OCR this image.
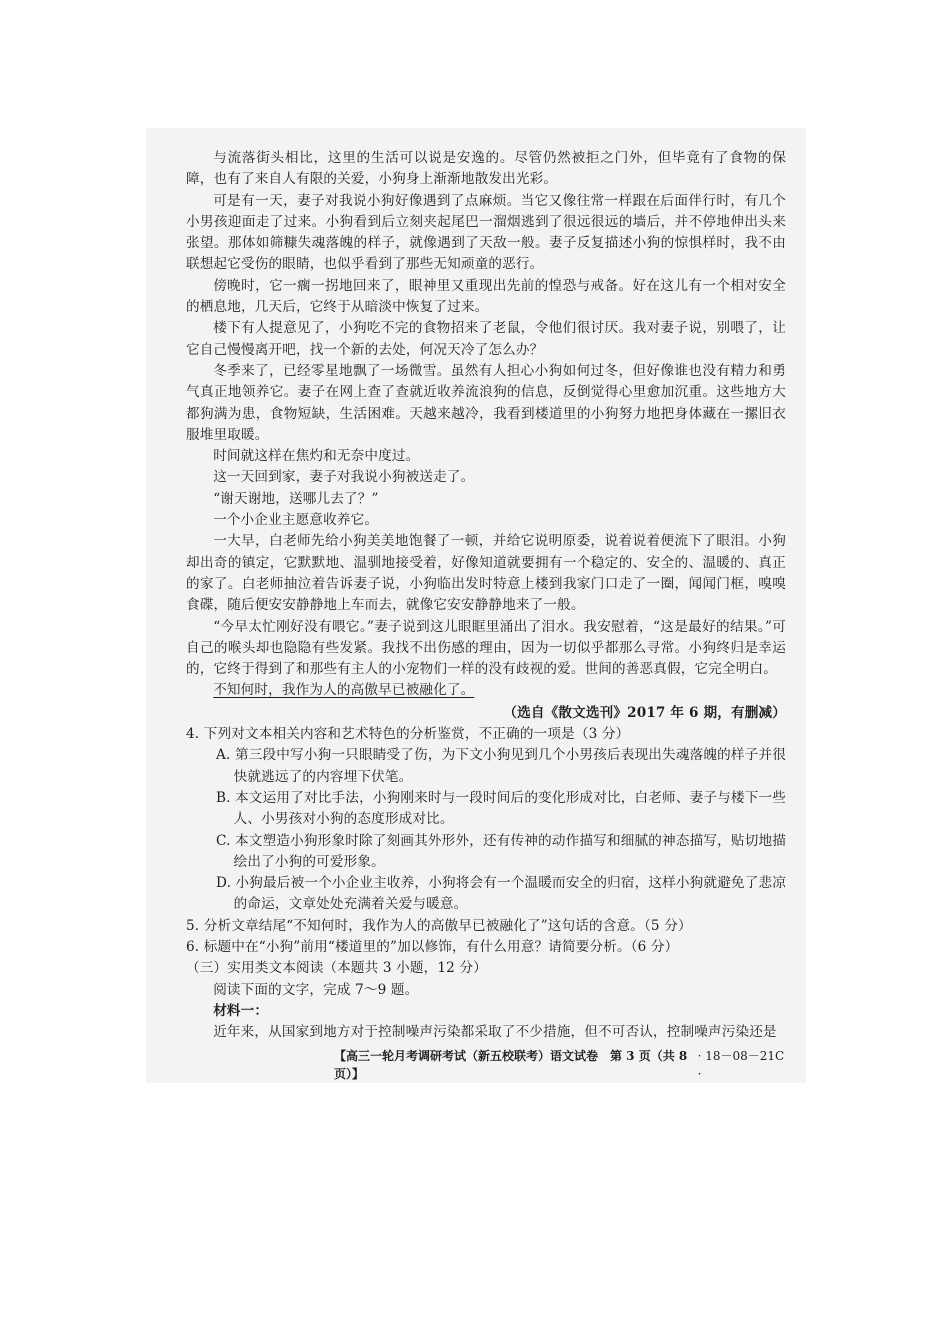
与流落街头相比，这里的生活可以说是安逸的。尽管仍然被拒之门外，但毕竟有了食物的保障，也有了来自人有限的关爱，小狗身上渐渐地散发出光彩。

可是有一天，妻子对我说小狗好像遇到了点麻烦。当它又像往常一样跟在后面伴行时，有几个小男孩迎面走了过来。小狗看到后立刻夹起尾巴一溜烟逃到了很远很远的墙后，并不停地伸出头来张望。那体如筛糠失魂落魄的样子，就像遇到了天敌一般。妻子反复描述小狗的惊惧样时，我不由联想起它受伤的眼睛，也似乎看到了那些无知顽童的恶行。

傍晚时，它一瘸一拐地回来了，眼神里又重现出先前的惶恐与戒备。好在这儿有一个相对安全的栖息地，几天后，它终于从暗淡中恢复了过来。

楼下有人提意见了，小狗吃不完的食物招来了老鼠，令他们很讨厌。我对妻子说，别喂了，让它自己慢慢离开吧，找一个新的去处，何况天冷了怎么办？

冬季来了，已经零星地飘了一场微雪。虽然有人担心小狗如何过冬，但好像谁也没有精力和勇气真正地领养它。妻子在网上查了查就近收养流浪狗的信息，反倒觉得心里愈加沉重。这些地方大都狗满为患，食物短缺，生活困难。天越来越冷，我看到楼道里的小狗努力地把身体藏在一摞旧衣服堆里取暖。

时间就这样在焦灼和无奈中度过。

这一天回到家，妻子对我说小狗被送走了。

“谢天谢地，送哪儿去了？”

一个小企业主愿意收养它。

一大早，白老师先给小狗美美地饱餐了一顿，并给它说明原委，说着说着便流下了眼泪。小狗却出奇的镇定，它默默地、温驯地接受着，好像知道就要拥有一个稳定的、安全的、温暖的、真正的家了。白老师抽泣着告诉妻子说，小狗临出发时特意上楼到我家门口走了一圈，闻闻门框，嗅嗅食碟，随后便安安静静地上车而去，就像它安安静静地来了一般。

“今早太忙刚好没有喂它。”妻子说到这儿眼眶里涌出了泪水。我安慰着，“这是最好的结果。”可自己的喉头却也隐隐有些发紧。我找不出伤感的理由，因为一切似乎都那么寻常。小狗终归是幸运的，它终于得到了和那些有主人的小宠物们一样的没有歧视的爱。世间的善恶真假，它完全明白。

不知何时，我作为人的高傲早已被融化了。

（选自《散文选刊》2017 年 6 期，有删减）

4. 下列对文本相关内容和艺术特色的分析鉴赏，不正确的一项是（3 分）

A. 第三段中写小狗一只眼睛受了伤，为下文小狗见到几个小男孩后表现出失魂落魄的样子并很快就逃远了的内容埋下伏笔。

B. 本文运用了对比手法，小狗刚来时与一段时间后的变化形成对比，白老师、妻子与楼下一些人、小男孩对小狗的态度形成对比。

C. 本文塑造小狗形象时除了刻画其外形外，还有传神的动作描写和细腻的神态描写，贴切地描绘出了小狗的可爱形象。

D. 小狗最后被一个小企业主收养，小狗将会有一个温暖而安全的归宿，这样小狗就避免了悲凉的命运，文章处处充满着关爱与暖意。

5. 分析文章结尾“不知何时，我作为人的高傲早已被融化了”这句话的含意。（5 分）

6. 标题中在“小狗”前用“楼道里的”加以修饰，有什么用意？请简要分析。（6 分）

（三）实用类文本阅读（本题共 3 小题，12 分）

阅读下面的文字，完成 7～9 题。

材料一：

近年来，从国家到地方对于控制噪声污染都采取了不少措施，但不可否认，控制噪声污染还是

【高三一轮月考调研考试（新五校联考）语文试卷　第 3 页（共 8 页）】
· 18－08－21C ·
